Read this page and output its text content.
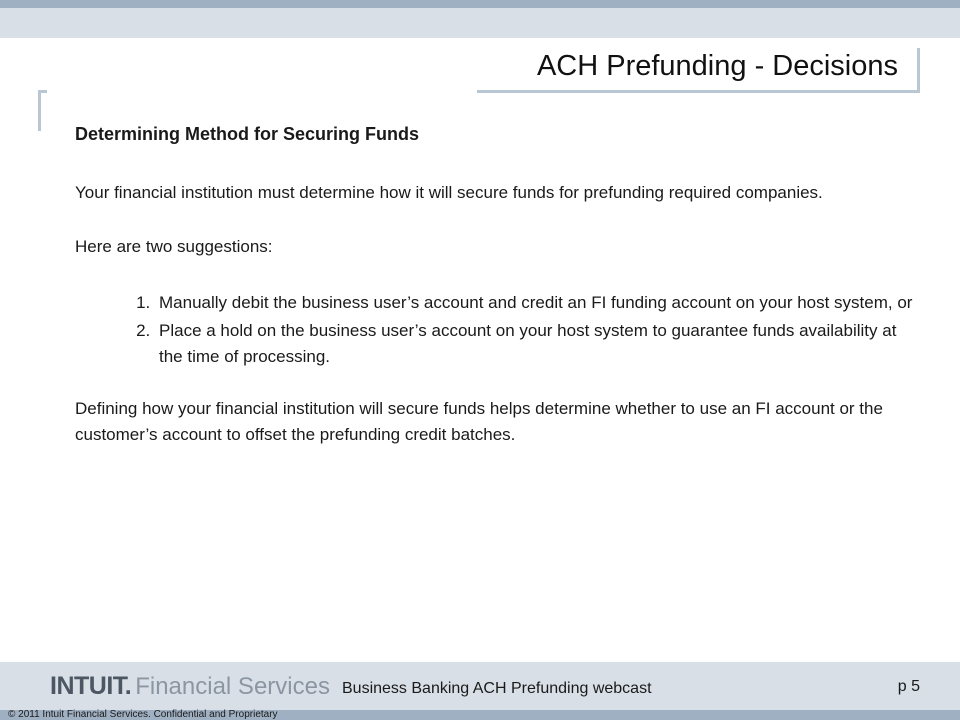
ACH Prefunding - Decisions

Determining Method for Securing Funds

Your financial institution must determine how it will secure funds for prefunding required companies.

Here are two suggestions:

1. Manually debit the business user’s account and credit an FI funding account on your host system, or
2. Place a hold on the business user’s account on your host system to guarantee funds availability at the time of processing.

Defining how your financial institution will secure funds helps determine whether to use an FI account or the customer’s account to offset the prefunding credit batches.

INTUIT. Financial Services Business Banking ACH Prefunding webcast	p 5
© 2011 Intuit Financial Services. Confidential and Proprietary
